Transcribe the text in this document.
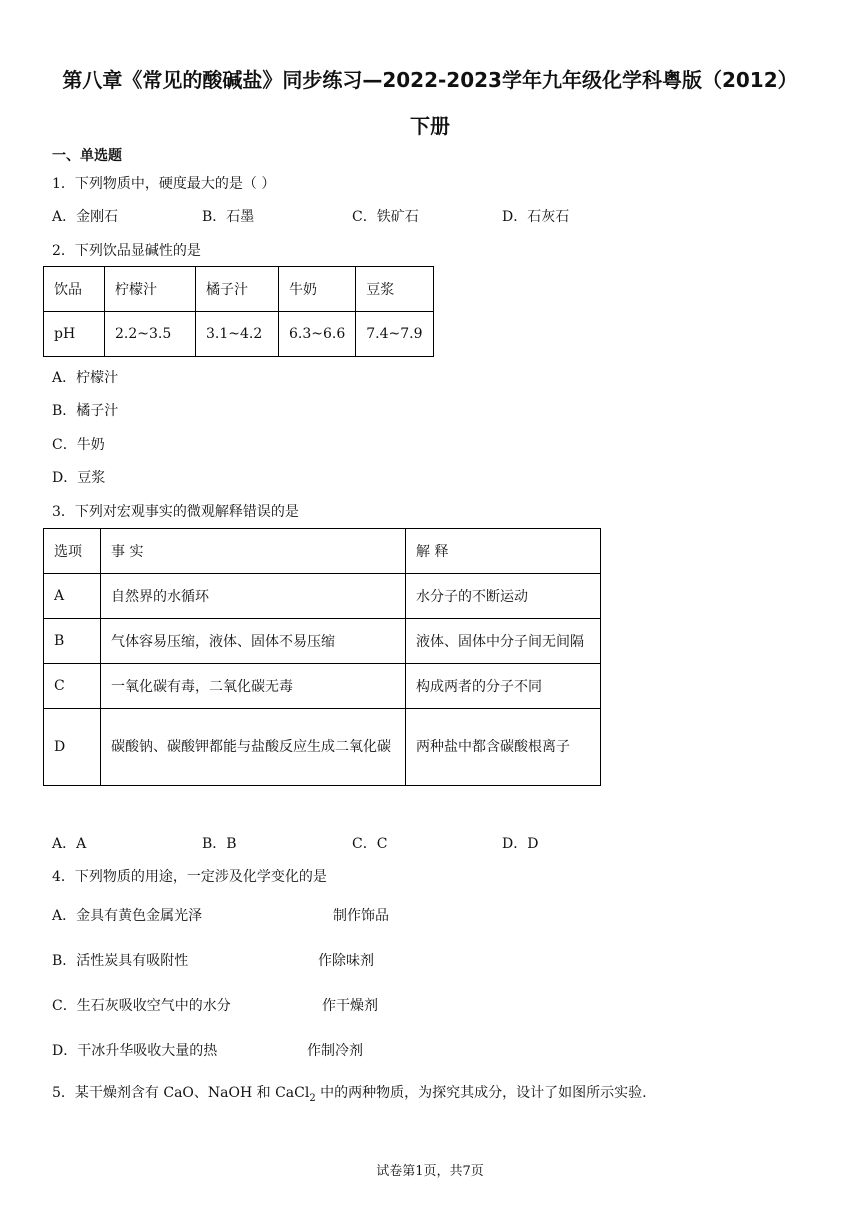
第八章《常见的酸碱盐》同步练习—2022-2023学年九年级化学科粤版（2012）
下册
一、单选题
1．下列物质中，硬度最大的是（ ）
A．金刚石	B．石墨	C．铁矿石	D．石灰石
2．下列饮品显碱性的是
饮品	柠檬汁	橘子汁	牛奶	豆浆
pH	2.2~3.5	3.1~4.2	6.3~6.6	7.4~7.9
A．柠檬汁
B．橘子汁
C．牛奶
D．豆浆
3．下列对宏观事实的微观解释错误的是
选项	事 实	解 释
A	自然界的水循环	水分子的不断运动
B	气体容易压缩，液体、固体不易压缩	液体、固体中分子间无间隔
C	一氧化碳有毒，二氧化碳无毒	构成两者的分子不同
D	碳酸钠、碳酸钾都能与盐酸反应生成二氧化碳	两种盐中都含碳酸根离子
A．A	B．B	C．C	D．D
4．下列物质的用途，一定涉及化学变化的是
A．金具有黄色金属光泽	制作饰品
B．活性炭具有吸附性	作除味剂
C．生石灰吸收空气中的水分	作干燥剂
D．干冰升华吸收大量的热	作制冷剂
5．某干燥剂含有 CaO、NaOH 和 CaCl$_2$ 中的两种物质，为探究其成分，设计了如图所示实验.
试卷第1页，共7页
